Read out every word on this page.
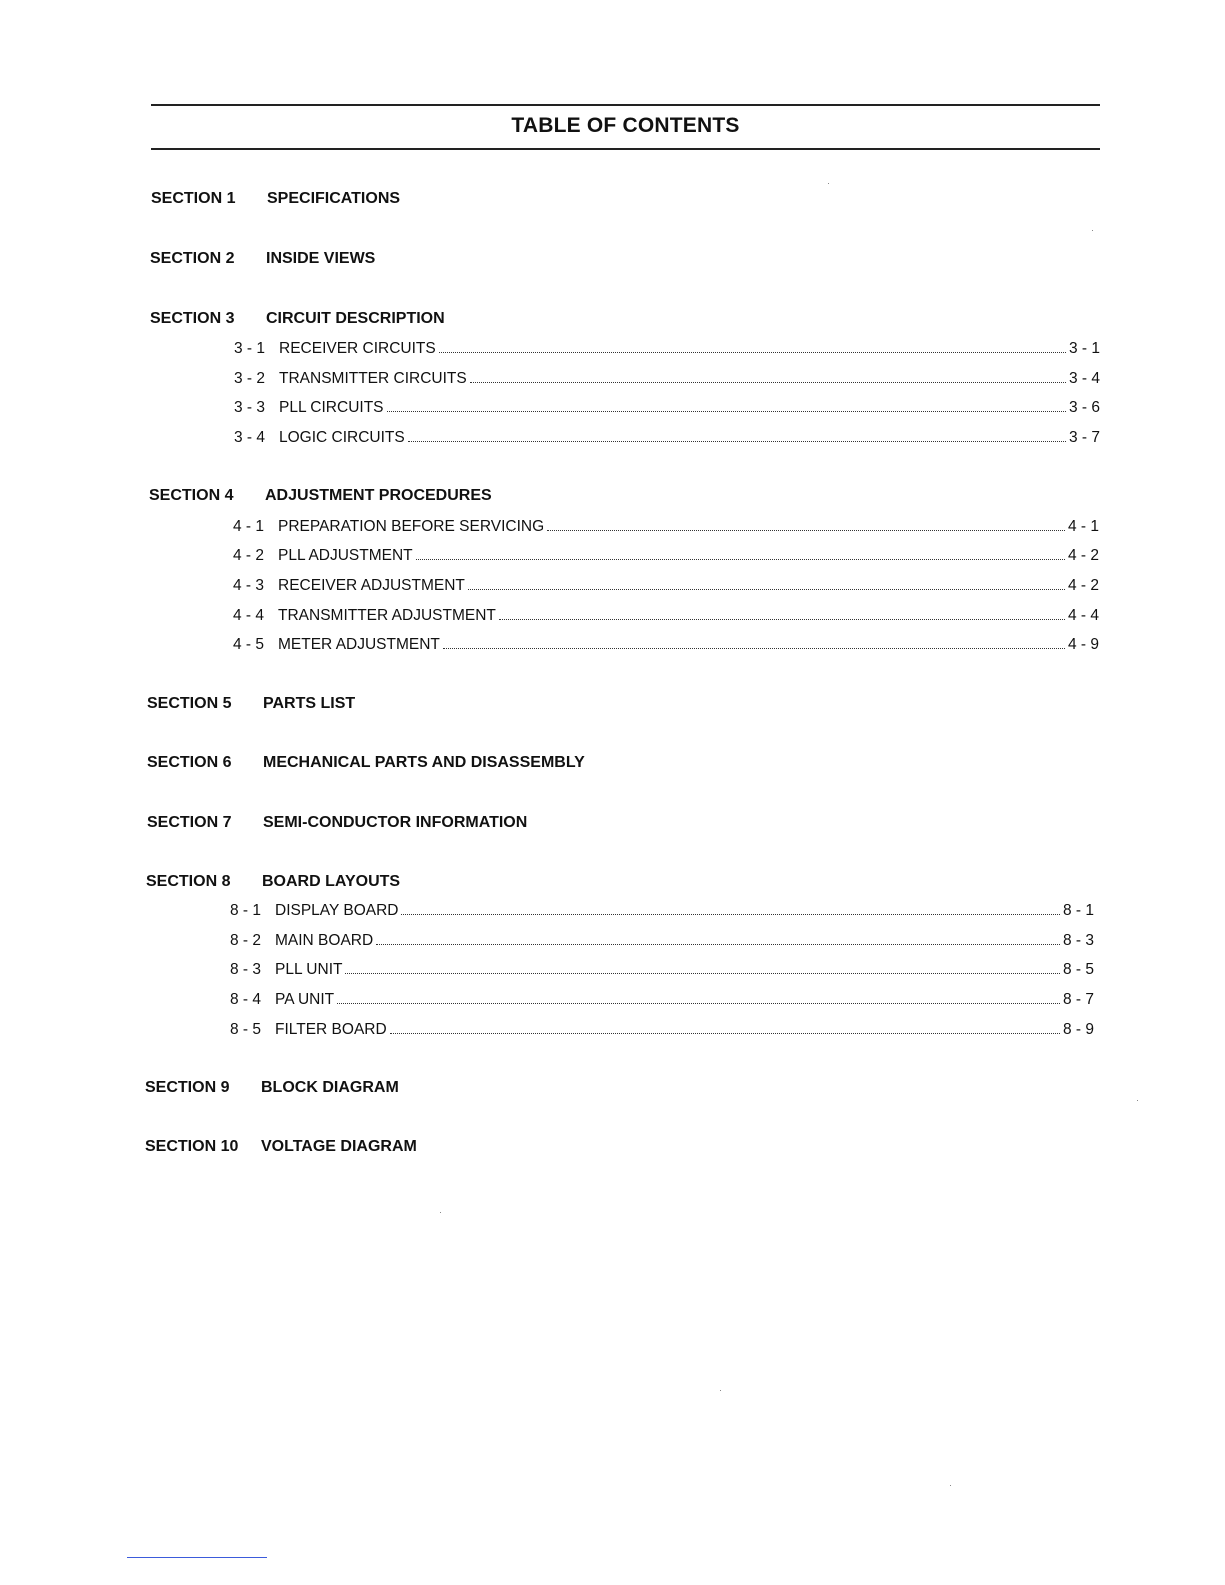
TABLE OF CONTENTS
SECTION 1 SPECIFICATIONS
SECTION 2 INSIDE VIEWS
SECTION 3 CIRCUIT DESCRIPTION
3 - 1 RECEIVER CIRCUITS	3 - 1
3 - 2 TRANSMITTER CIRCUITS	3 - 4
3 - 3 PLL CIRCUITS	3 - 6
3 - 4 LOGIC CIRCUITS	3 - 7
SECTION 4 ADJUSTMENT PROCEDURES
4 - 1 PREPARATION BEFORE SERVICING	4 - 1
4 - 2 PLL ADJUSTMENT	4 - 2
4 - 3 RECEIVER ADJUSTMENT	4 - 2
4 - 4 TRANSMITTER ADJUSTMENT	4 - 4
4 - 5 METER ADJUSTMENT	4 - 9
SECTION 5 PARTS LIST
SECTION 6 MECHANICAL PARTS AND DISASSEMBLY
SECTION 7 SEMI-CONDUCTOR INFORMATION
SECTION 8 BOARD LAYOUTS
8 - 1 DISPLAY BOARD	8 - 1
8 - 2 MAIN BOARD	8 - 3
8 - 3 PLL UNIT	8 - 5
8 - 4 PA UNIT	8 - 7
8 - 5 FILTER BOARD	8 - 9
SECTION 9 BLOCK DIAGRAM
SECTION 10 VOLTAGE DIAGRAM
